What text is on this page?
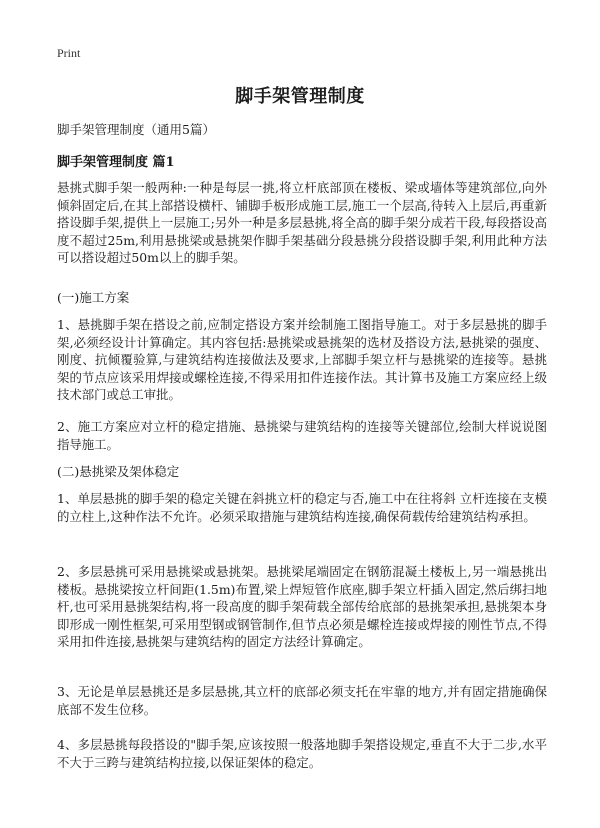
Print
脚手架管理制度
脚手架管理制度（通用5篇）
脚手架管理制度 篇1

悬挑式脚手架一般两种:一种是每层一挑,将立杆底部顶在楼板、梁或墙体等建筑部位,向外倾斜固定后,在其上部搭设横杆、铺脚手板形成施工层,施工一个层高,待转入上层后,再重新搭设脚手架,提供上一层施工;另外一种是多层悬挑,将全高的脚手架分成若干段,每段搭设高度不超过25m,利用悬挑梁或悬挑架作脚手架基础分段悬挑分段搭设脚手架,利用此种方法可以搭设超过50m以上的脚手架。

(一)施工方案

1、悬挑脚手架在搭设之前,应制定搭设方案并绘制施工图指导施工。对于多层悬挑的脚手架,必须经设计计算确定。其内容包括:悬挑梁或悬挑架的选材及搭设方法,悬挑梁的强度、刚度、抗倾覆验算,与建筑结构连接做法及要求,上部脚手架立杆与悬挑梁的连接等。悬挑架的节点应该采用焊接或螺栓连接,不得采用扣件连接作法。其计算书及施工方案应经上级技术部门或总工审批。

2、施工方案应对立杆的稳定措施、悬挑梁与建筑结构的连接等关键部位,绘制大样说说图指导施工。

(二)悬挑梁及架体稳定

1、单层悬挑的脚手架的稳定关键在斜挑立杆的稳定与否,施工中在往将斜 立杆连接在支模的立柱上,这种作法不允许。必须采取措施与建筑结构连接,确保荷载传给建筑结构承担。

2、多层悬挑可采用悬挑梁或悬挑架。悬挑梁尾端固定在钢筋混凝土楼板上,另一端悬挑出楼板。悬挑梁按立杆间距(1.5m)布置,梁上焊短管作底座,脚手架立杆插入固定,然后绑扫地杆,也可采用悬挑架结构,将一段高度的脚手架荷载全部传给底部的悬挑架承担,悬挑架本身即形成一刚性框架,可采用型钢或钢管制作,但节点必须是螺栓连接或焊接的刚性节点,不得采用扣件连接,悬挑架与建筑结构的固定方法经计算确定。

3、无论是单层悬挑还是多层悬挑,其立杆的底部必须支托在牢靠的地方,并有固定措施确保底部不发生位移。

4、多层悬挑每段搭设的"脚手架,应该按照一般落地脚手架搭设规定,垂直不大于二步,水平不大于三跨与建筑结构拉接,以保证架体的稳定。
